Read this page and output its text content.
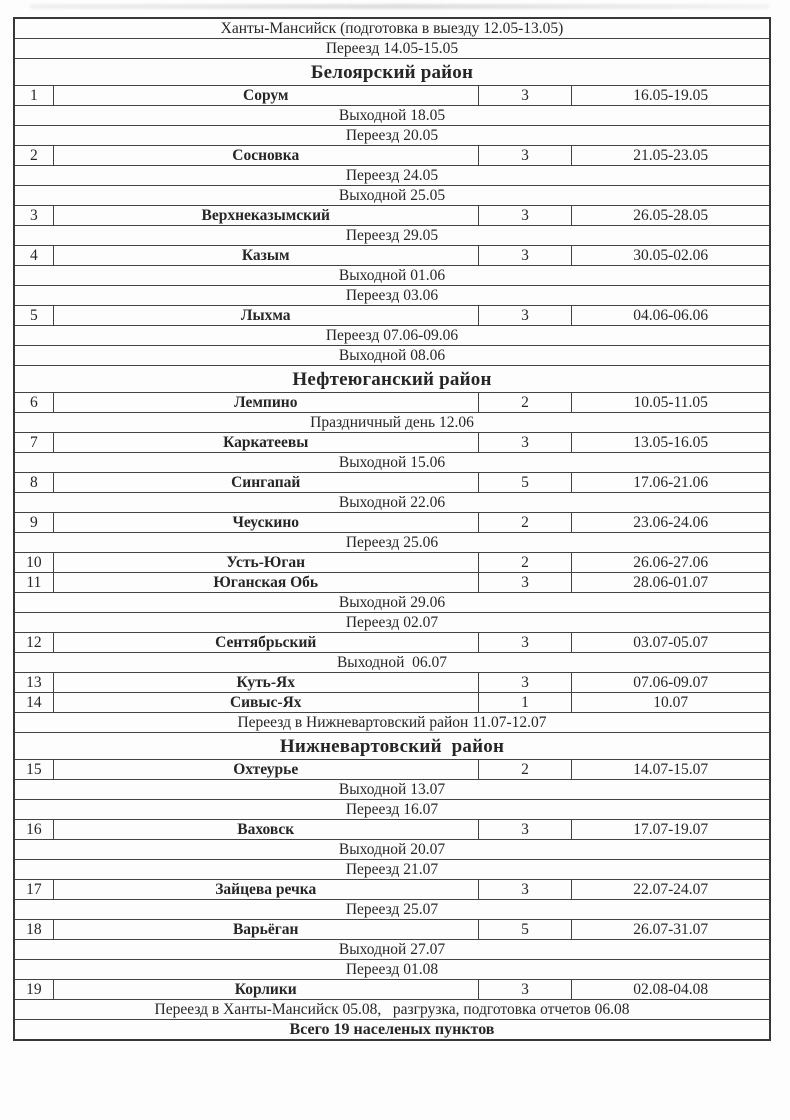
Ханты-Мансийск (подготовка в выезду 12.05-13.05)			
Переезд 14.05-15.05			
Белоярский район			
1	Сорум	3	16.05-19.05
Выходной 18.05			
Переезд 20.05			
2	Сосновка	3	21.05-23.05
Переезд 24.05			
Выходной 25.05			
3	Верхнеказымский	3	26.05-28.05
Переезд 29.05			
4	Казым	3	30.05-02.06
Выходной 01.06			
Переезд 03.06			
5	Лыхма	3	04.06-06.06
Переезд 07.06-09.06			
Выходной 08.06			
Нефтеюганский район			
6	Лемпино	2	10.05-11.05
Праздничный день 12.06			
7	Каркатеевы	3	13.05-16.05
Выходной 15.06			
8	Сингапай	5	17.06-21.06
Выходной 22.06			
9	Чеускино	2	23.06-24.06
Переезд 25.06			
10	Усть-Юган	2	26.06-27.06
11	Юганская Обь	3	28.06-01.07
Выходной 29.06			
Переезд 02.07			
12	Сентябрьский	3	03.07-05.07
Выходной  06.07			
13	Куть-Ях	3	07.06-09.07
14	Сивыс-Ях	1	10.07
Переезд в Нижневартовский район 11.07-12.07			
Нижневартовский  район			
15	Охтеурье	2	14.07-15.07
Выходной 13.07			
Переезд 16.07			
16	Ваховск	3	17.07-19.07
Выходной 20.07			
Переезд 21.07			
17	Зайцева речка	3	22.07-24.07
Переезд 25.07			
18	Варьёган	5	26.07-31.07
Выходной 27.07			
Переезд 01.08			
19	Корлики	3	02.08-04.08
Переезд в Ханты-Мансийск 05.08,   разгрузка, подготовка отчетов 06.08			
Всего 19 населеных пунктов			
